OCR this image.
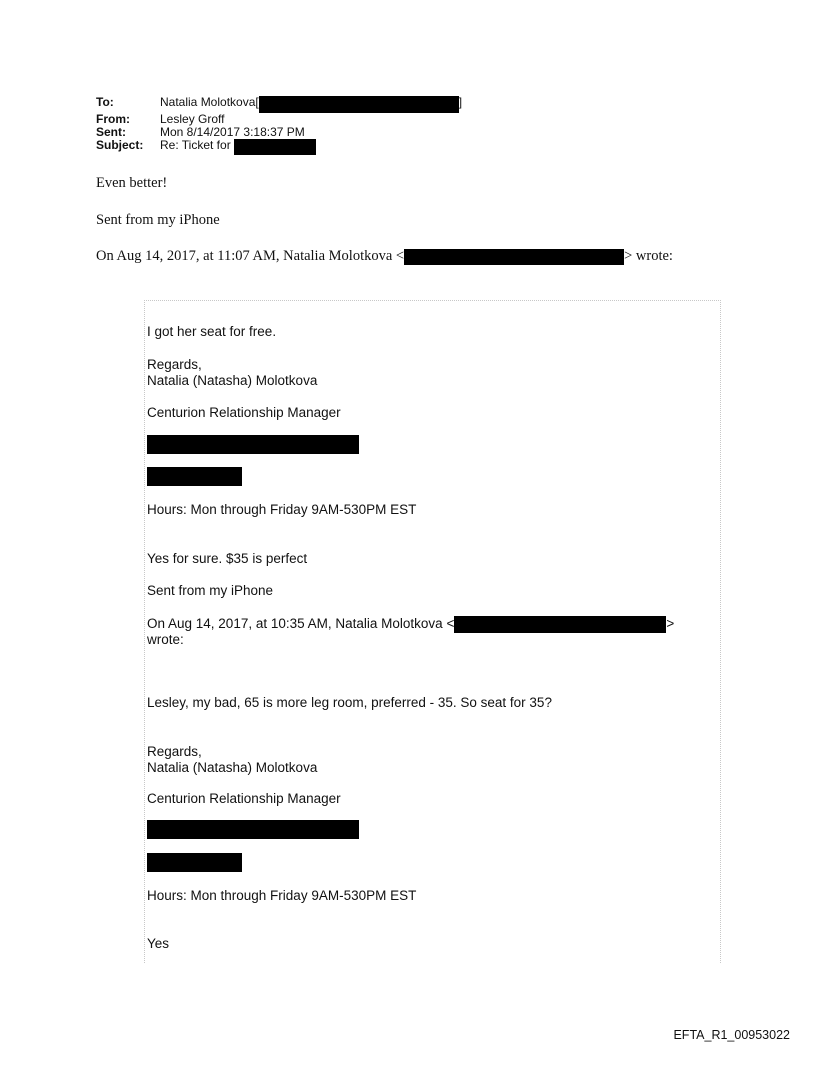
To:	Natalia Molotkova[	]
From:	Lesley Groff
Sent:	Mon 8/14/2017 3:18:37 PM
Subject:	Re: Ticket for
Even better!
Sent from my iPhone
On Aug 14, 2017, at 11:07 AM, Natalia Molotkova <	> wrote:
I got her seat for free.
Regards,
Natalia (Natasha) Molotkova
Centurion Relationship Manager
Hours: Mon through Friday 9AM-530PM EST
Yes for sure. $35 is perfect
Sent from my iPhone
On Aug 14, 2017, at 10:35 AM, Natalia Molotkova <	>
wrote:
Lesley, my bad, 65 is more leg room, preferred - 35. So seat for 35?
Regards,
Natalia (Natasha) Molotkova
Centurion Relationship Manager
Hours: Mon through Friday 9AM-530PM EST
Yes
EFTA_R1_00953022
